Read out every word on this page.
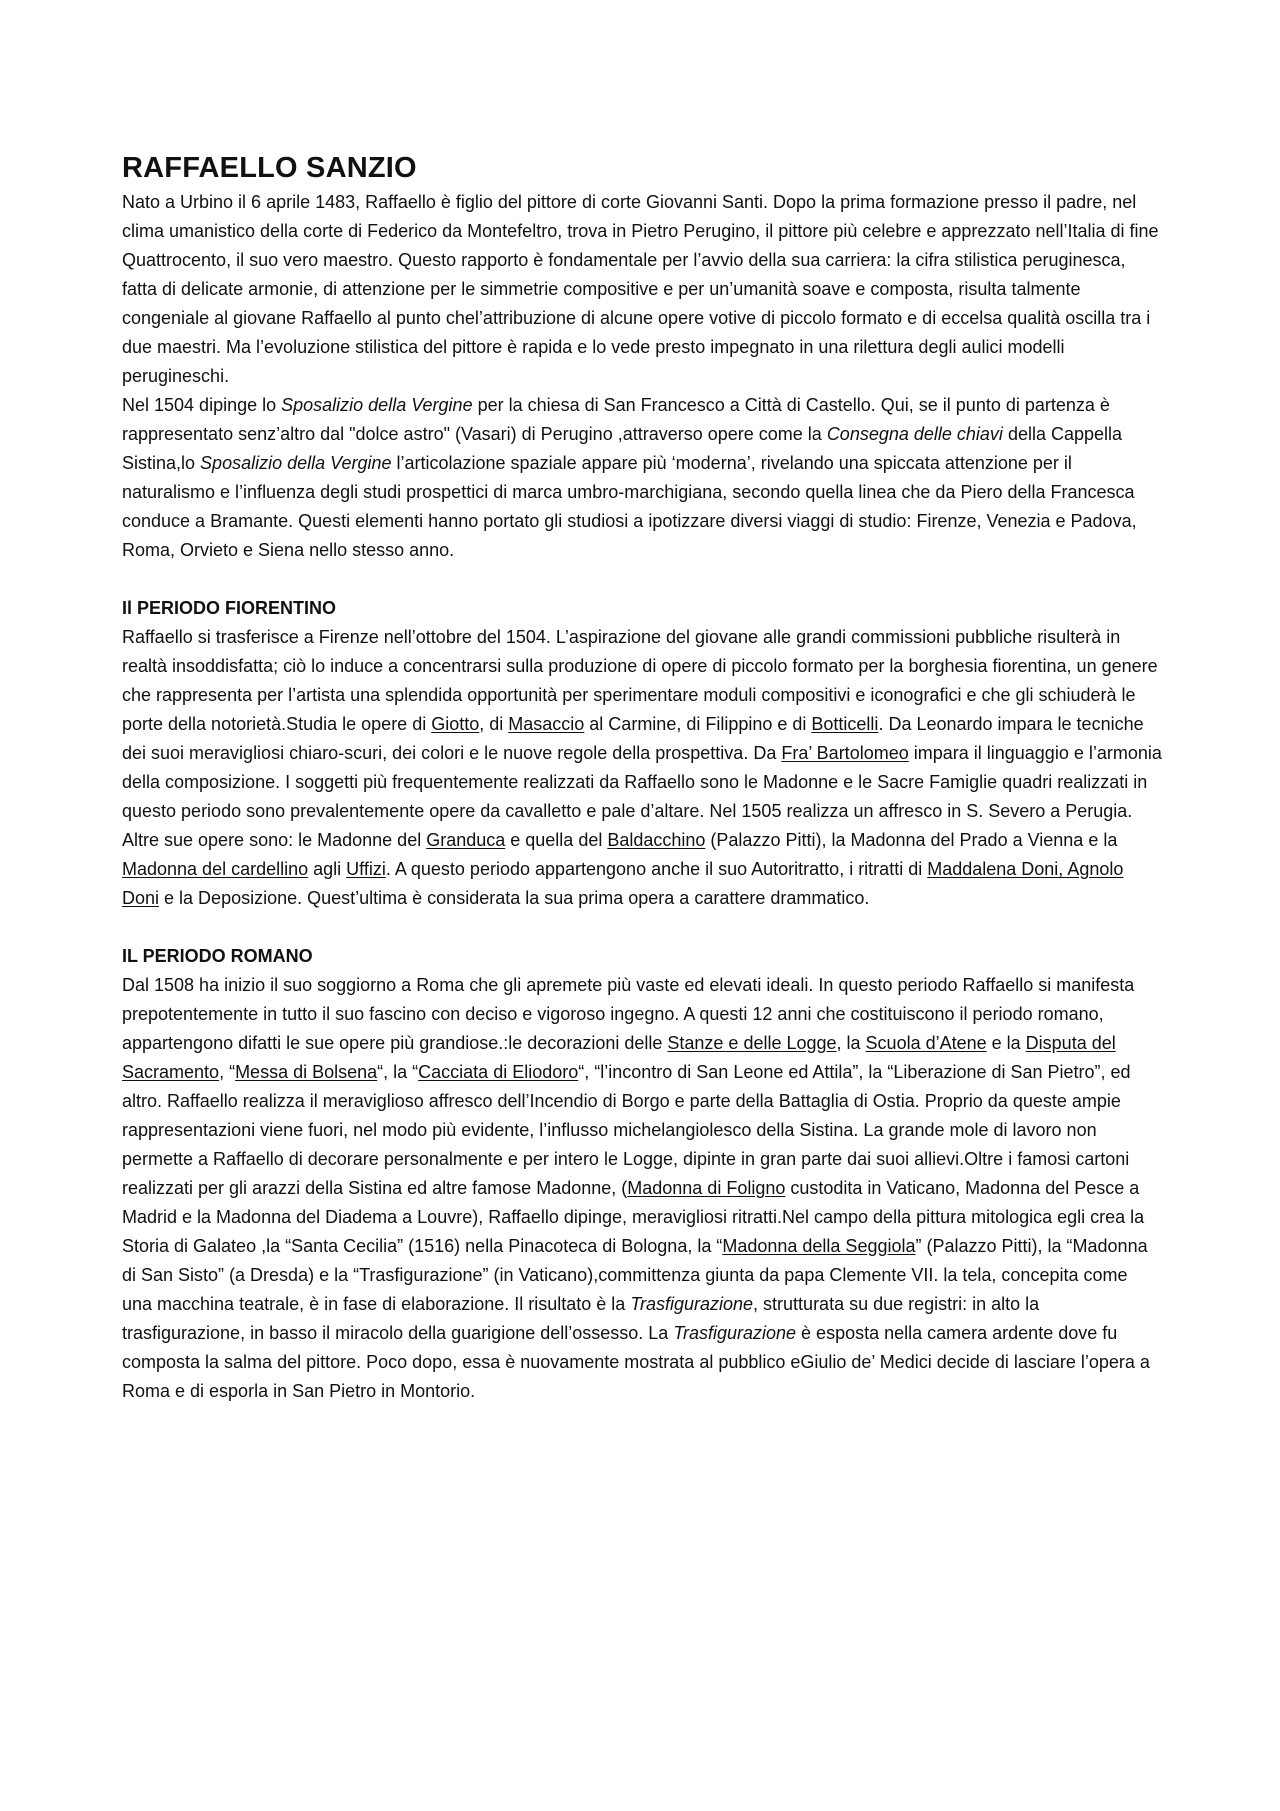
RAFFAELLO SANZIO

Nato a Urbino il 6 aprile 1483, Raffaello è figlio del pittore di corte Giovanni Santi. Dopo la prima formazione presso il padre, nel clima umanistico della corte di Federico da Montefeltro, trova in Pietro Perugino, il pittore più celebre e apprezzato nell’Italia di fine Quattrocento, il suo vero maestro. Questo rapporto è fondamentale per l’avvio della sua carriera: la cifra stilistica peruginesca, fatta di delicate armonie, di attenzione per le simmetrie compositive e per un’umanità soave e composta, risulta talmente congeniale al giovane Raffaello al punto chel’attribuzione di alcune opere votive di piccolo formato e di eccelsa qualità oscilla tra i due maestri. Ma l’evoluzione stilistica del pittore è rapida e lo vede presto impegnato in una rilettura degli aulici modelli perugineschi.

Nel 1504 dipinge lo Sposalizio della Vergine per la chiesa di San Francesco a Città di Castello. Qui, se il punto di partenza è rappresentato senz’altro dal "dolce astro" (Vasari) di Perugino ,attraverso opere come la Consegna delle chiavi della Cappella Sistina,lo Sposalizio della Vergine l’articolazione spaziale appare più ‘moderna’, rivelando una spiccata attenzione per il naturalismo e l’influenza degli studi prospettici di marca umbro-marchigiana, secondo quella linea che da Piero della Francesca conduce a Bramante. Questi elementi hanno portato gli studiosi a ipotizzare diversi viaggi di studio: Firenze, Venezia e Padova, Roma, Orvieto e Siena nello stesso anno.

Il PERIODO FIORENTINO

Raffaello si trasferisce a Firenze nell’ottobre del 1504. L’aspirazione del giovane alle grandi commissioni pubbliche risulterà in realtà insoddisfatta; ciò lo induce a concentrarsi sulla produzione di opere di piccolo formato per la borghesia fiorentina, un genere che rappresenta per l’artista una splendida opportunità per sperimentare moduli compositivi e iconografici e che gli schiuderà le porte della notorietà.Studia le opere di Giotto, di Masaccio al Carmine, di Filippino e di Botticelli. Da Leonardo impara le tecniche dei suoi meravigliosi chiaro-scuri, dei colori e le nuove regole della prospettiva. Da Fra’ Bartolomeo impara il linguaggio e l’armonia della composizione. I soggetti più frequentemente realizzati da Raffaello sono le Madonne e le Sacre Famiglie quadri realizzati in questo periodo sono prevalentemente opere da cavalletto e pale d’altare. Nel 1505 realizza un affresco in S. Severo a Perugia. Altre sue opere sono: le Madonne del Granduca e quella del Baldacchino (Palazzo Pitti), la Madonna del Prado a Vienna e la Madonna del cardellino agli Uffizi. A questo periodo appartengono anche il suo Autoritratto, i ritratti di Maddalena Doni, Agnolo Doni e la Deposizione. Quest’ultima è considerata la sua prima opera a carattere drammatico.

IL PERIODO ROMANO

Dal 1508 ha inizio il suo soggiorno a Roma che gli apremete più vaste ed elevati ideali. In questo periodo Raffaello si manifesta prepotentemente in tutto il suo fascino con deciso e vigoroso ingegno. A questi 12 anni che costituiscono il periodo romano, appartengono difatti le sue opere più grandiose.:le decorazioni delle Stanze e delle Logge, la Scuola d’Atene e la Disputa del Sacramento, “Messa di Bolsena“, la “Cacciata di Eliodoro“, “l’incontro di San Leone ed Attila”, la “Liberazione di San Pietro”, ed altro. Raffaello realizza il meraviglioso affresco dell’Incendio di Borgo e parte della Battaglia di Ostia. Proprio da queste ampie rappresentazioni viene fuori, nel modo più evidente, l’influsso michelangiolesco della Sistina. La grande mole di lavoro non permette a Raffaello di decorare personalmente e per intero le Logge, dipinte in gran parte dai suoi allievi.Oltre i famosi cartoni realizzati per gli arazzi della Sistina ed altre famose Madonne, (Madonna di Foligno custodita in Vaticano, Madonna del Pesce a Madrid e la Madonna del Diadema a Louvre), Raffaello dipinge, meravigliosi ritratti.Nel campo della pittura mitologica egli crea la Storia di Galateo ,la “Santa Cecilia” (1516) nella Pinacoteca di Bologna, la “Madonna della Seggiola” (Palazzo Pitti), la “Madonna di San Sisto” (a Dresda) e la “Trasfigurazione” (in Vaticano),committenza giunta da papa Clemente VII. la tela, concepita come una macchina teatrale, è in fase di elaborazione. Il risultato è la Trasfigurazione, strutturata su due registri: in alto la trasfigurazione, in basso il miracolo della guarigione dell’ossesso. La Trasfigurazione è esposta nella camera ardente dove fu composta la salma del pittore. Poco dopo, essa è nuovamente mostrata al pubblico eGiulio de’ Medici decide di lasciare l’opera a Roma e di esporla in San Pietro in Montorio.
